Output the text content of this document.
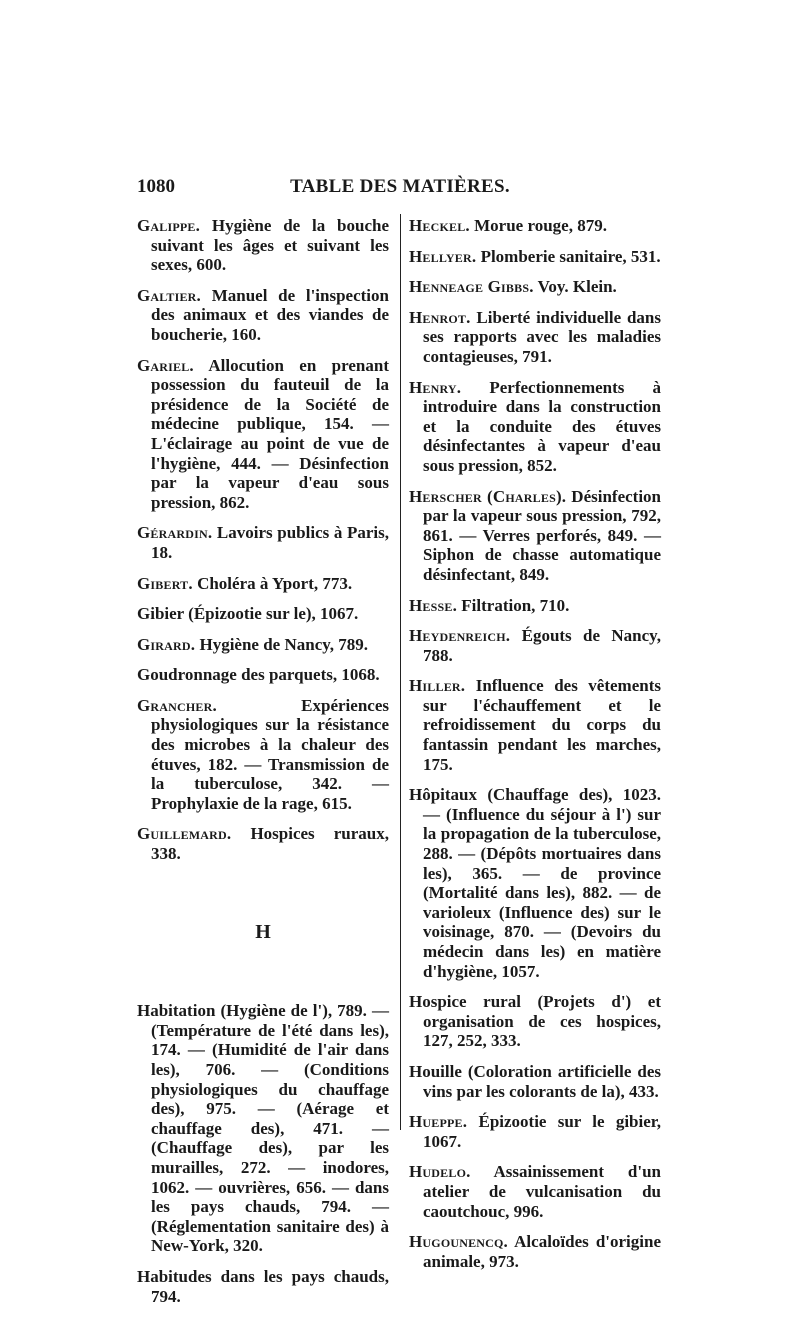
1080	TABLE DES MATIÈRES.

Galippe. Hygiène de la bouche suivant les âges et suivant les sexes, 600.

Galtier. Manuel de l'inspection des animaux et des viandes de boucherie, 160.

Gariel. Allocution en prenant possession du fauteuil de la présidence de la Société de médecine publique, 154. — L'éclairage au point de vue de l'hygiène, 444. — Désinfection par la vapeur d'eau sous pression, 862.

Gérardin. Lavoirs publics à Paris, 18.

Gibert. Choléra à Yport, 773.

Gibier (Épizootie sur le), 1067.

Girard. Hygiène de Nancy, 789.

Goudronnage des parquets, 1068.

Grancher. Expériences physiologiques sur la résistance des microbes à la chaleur des étuves, 182. — Transmission de la tuberculose, 342. — Prophylaxie de la rage, 615.

Guillemard. Hospices ruraux, 338.

H

Habitation (Hygiène de l'), 789. — (Température de l'été dans les), 174. — (Humidité de l'air dans les), 706. — (Conditions physiologiques du chauffage des), 975. — (Aérage et chauffage des), 471. — (Chauffage des), par les murailles, 272. — inodores, 1062. — ouvrières, 656. — dans les pays chauds, 794. — (Réglementation sanitaire des) à New-York, 320.

Habitudes dans les pays chauds, 794.

Heckel. Morue rouge, 879.

Hellyer. Plomberie sanitaire, 531.

Henneage Gibbs. Voy. Klein.

Henrot. Liberté individuelle dans ses rapports avec les maladies contagieuses, 791.

Henry. Perfectionnements à introduire dans la construction et la conduite des étuves désinfectantes à vapeur d'eau sous pression, 852.

Herscher (Charles). Désinfection par la vapeur sous pression, 792, 861. — Verres perforés, 849. — Siphon de chasse automatique désinfectant, 849.

Hesse. Filtration, 710.

Heydenreich. Égouts de Nancy, 788.

Hiller. Influence des vêtements sur l'échauffement et le refroidissement du corps du fantassin pendant les marches, 175.

Hôpitaux (Chauffage des), 1023. — (Influence du séjour à l') sur la propagation de la tuberculose, 288. — (Dépôts mortuaires dans les), 365. — de province (Mortalité dans les), 882. — de varioleux (Influence des) sur le voisinage, 870. — (Devoirs du médecin dans les) en matière d'hygiène, 1057.

Hospice rural (Projets d') et organisation de ces hospices, 127, 252, 333.

Houille (Coloration artificielle des vins par les colorants de la), 433.

Hueppe. Épizootie sur le gibier, 1067.

Hudelo. Assainissement d'un atelier de vulcanisation du caoutchouc, 996.

Hugounencq. Alcaloïdes d'origine animale, 973.
